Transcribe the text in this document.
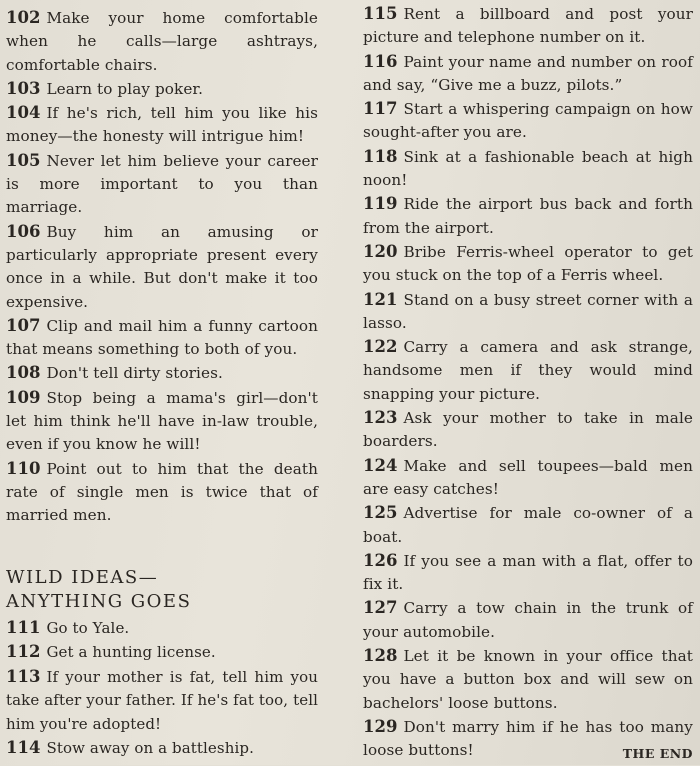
102 Make your home comfortable when he calls—large ashtrays, comfortable chairs.

103 Learn to play poker.

104 If he's rich, tell him you like his money—the honesty will intrigue him!

105 Never let him believe your career is more important to you than marriage.

106 Buy him an amusing or particularly appropriate present every once in a while. But don't make it too expensive.

107 Clip and mail him a funny cartoon that means something to both of you.

108 Don't tell dirty stories.

109 Stop being a mama's girl—don't let him think he'll have in-law trouble, even if you know he will!

110 Point out to him that the death rate of single men is twice that of married men.

WILD IDEAS—
ANYTHING GOES

111 Go to Yale.

112 Get a hunting license.

113 If your mother is fat, tell him you take after your father. If he's fat too, tell him you're adopted!

114 Stow away on a battleship.

115 Rent a billboard and post your picture and telephone number on it.

116 Paint your name and number on roof and say, “Give me a buzz, pilots.”

117 Start a whispering campaign on how sought-after you are.

118 Sink at a fashionable beach at high noon!

119 Ride the airport bus back and forth from the airport.

120 Bribe Ferris-wheel operator to get you stuck on the top of a Ferris wheel.

121 Stand on a busy street corner with a lasso.

122 Carry a camera and ask strange, handsome men if they would mind snapping your picture.

123 Ask your mother to take in male boarders.

124 Make and sell toupees—bald men are easy catches!

125 Advertise for male co-owner of a boat.

126 If you see a man with a flat, offer to fix it.

127 Carry a tow chain in the trunk of your automobile.

128 Let it be known in your office that you have a button box and will sew on bachelors' loose buttons.

129 Don't marry him if he has too many loose buttons!	THE END
